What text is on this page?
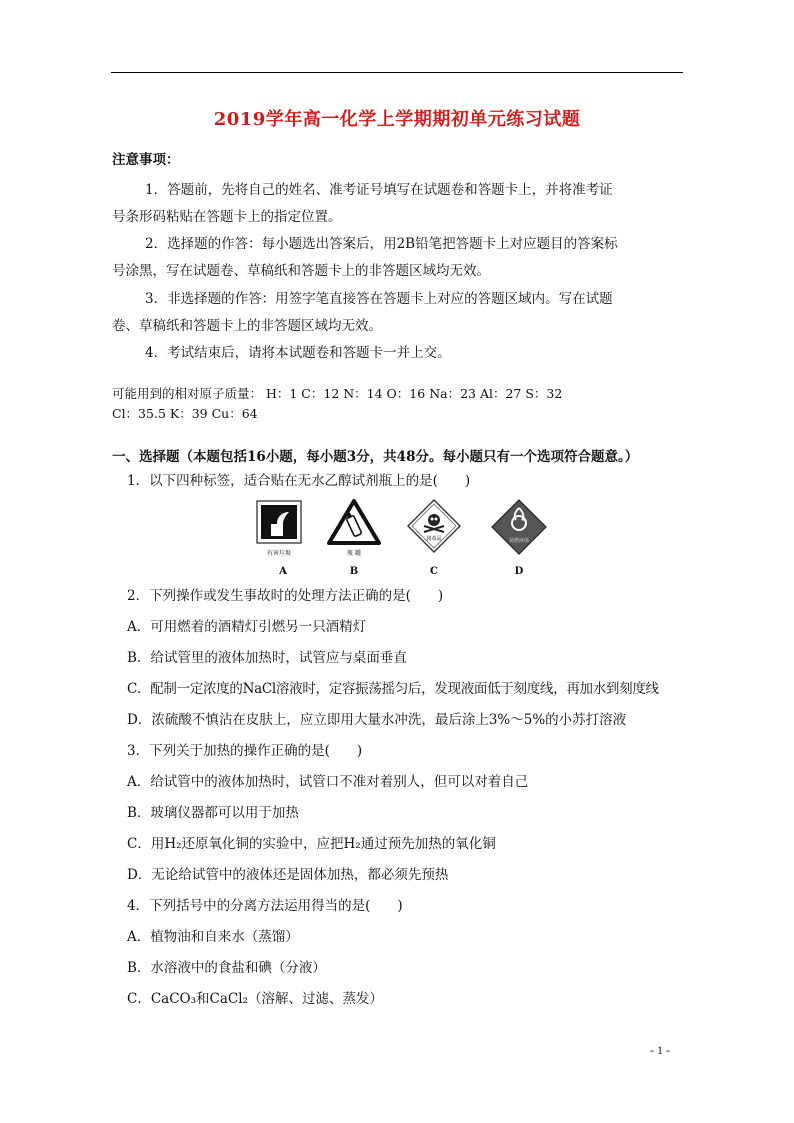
2019学年高一化学上学期期初单元练习试题
注意事项：
1．答题前，先将自己的姓名、准考证号填写在试题卷和答题卡上，并将准考证
号条形码粘贴在答题卡上的指定位置。
2．选择题的作答：每小题选出答案后，用2B铅笔把答题卡上对应题目的答案标
号涂黑，写在试题卷、草稿纸和答题卡上的非答题区域均无效。
3．非选择题的作答：用签字笔直接答在答题卡上对应的答题区域内。写在试题
卷、草稿纸和答题卡上的非答题区域均无效。
4．考试结束后，请将本试题卷和答题卡一并上交。
可能用到的相对原子质量： H：1 C：12 N：14 O：16 Na：23 Al：27 S：32
Cl：35.5 K：39 Cu：64
一、选择题（本题包括16小题，每小题3分，共48分。每小题只有一个选项符合题意。）
1．以下四种标签，适合贴在无水乙醇试剂瓶上的是(　　)
有害垃圾
A
瓶 罐
B
剧毒品
C
易燃液体
D
2．下列操作或发生事故时的处理方法正确的是(　　)
A．可用燃着的酒精灯引燃另一只酒精灯
B．给试管里的液体加热时，试管应与桌面垂直
C．配制一定浓度的NaCl溶液时，定容振荡摇匀后，发现液面低于刻度线，再加水到刻度线
D．浓硫酸不慎沾在皮肤上，应立即用大量水冲洗，最后涂上3%～5%的小苏打溶液
3．下列关于加热的操作正确的是(　　)
A．给试管中的液体加热时，试管口不准对着别人，但可以对着自己
B．玻璃仪器都可以用于加热
C．用H₂还原氧化铜的实验中，应把H₂通过预先加热的氧化铜
D．无论给试管中的液体还是固体加热，都必须先预热
4．下列括号中的分离方法运用得当的是(　　)
A．植物油和自来水（蒸馏）
B．水溶液中的食盐和碘（分液）
C．CaCO₃和CaCl₂（溶解、过滤、蒸发）
- 1 -
